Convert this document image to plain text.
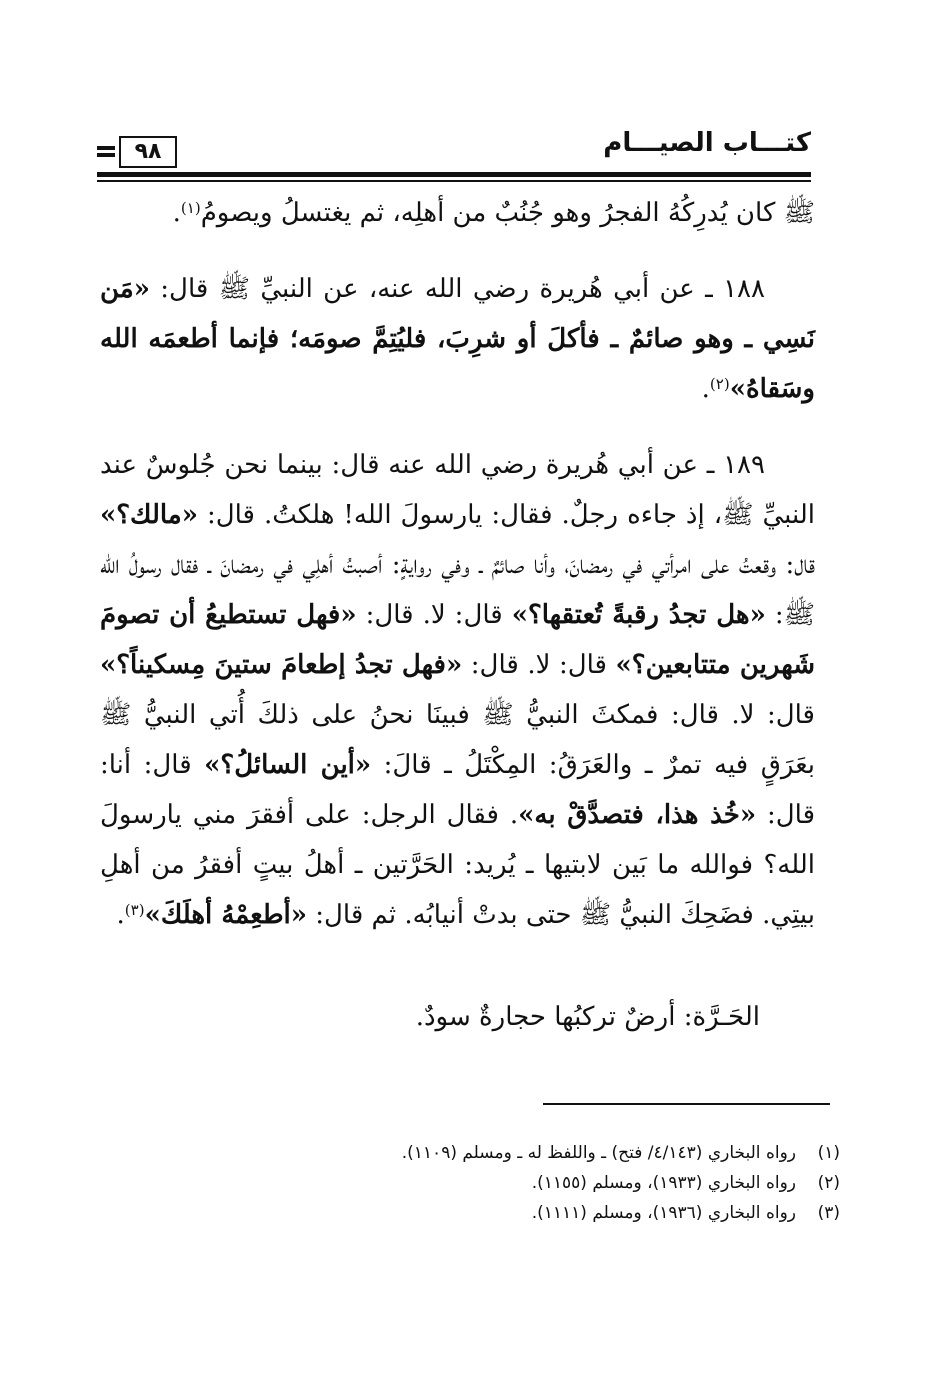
كتـــاب الصيـــام
٩٨

ﷺ كان يُدرِكُهُ الفجرُ وهو جُنُبٌ من أهلِه، ثم يغتسلُ ويصومُ$^{(١)}$.

١٨٨ ـ عن أبي هُريرة رضي الله عنه، عن النبيِّ ﷺ قال: «مَن نَسِي ـ وهو صائمٌ ـ فأكلَ أو شرِبَ، فليُتِمَّ صومَه؛ فإنما أطعمَه الله وسَقاهُ»$^{(٢)}$.

١٨٩ ـ عن أبي هُريرة رضي الله عنه قال: بينما نحن جُلوسٌ عند النبيِّ ﷺ، إذ جاءه رجلٌ. فقال: يارسولَ الله! هلكتُ. قال: «مالك؟» قال: وقعتُ على امرأتي في رمضانَ، وأنا صائمٌ ـ وفي روايةٍ: أصبتُ أهلِي في رمضانَ ـ فقال رسولُ الله ﷺ: «هل تجدُ رقبةً تُعتقها؟» قال: لا. قال: «فهل تستطيعُ أن تصومَ شَهرين متتابعين؟» قال: لا. قال: «فهل تجدُ إطعامَ ستينَ مِسكيناً؟» قال: لا. قال: فمكثَ النبيُّ ﷺ فبينَا نحنُ على ذلكَ أُتي النبيُّ ﷺ بعَرَقٍ فيه تمرٌ ـ والعَرَقُ: المِكْتَلُ ـ قالَ: «أين السائلُ؟» قال: أنا: قال: «خُذ هذا، فتصدَّقْ به». فقال الرجل: على أفقرَ مني يارسولَ الله؟ فوالله ما بَين لابتيها ـ يُريد: الحَرَّتين ـ أهلُ بيتٍ أفقرُ من أهلِ بيتِي. فضَحِكَ النبيُّ ﷺ حتى بدتْ أنيابُه. ثم قال: «أطعِمْهُ أهلَكَ»$^{(٣)}$.

الحَـرَّة: أرضٌ تركبُها حجارةٌ سودٌ.
(١)رواه البخاري (٤/١٤٣/ فتح) ـ واللفظ له ـ ومسلم (١١٠٩).
(٢)رواه البخاري (١٩٣٣)، ومسلم (١١٥٥).
(٣)رواه البخاري (١٩٣٦)، ومسلم (١١١١).
